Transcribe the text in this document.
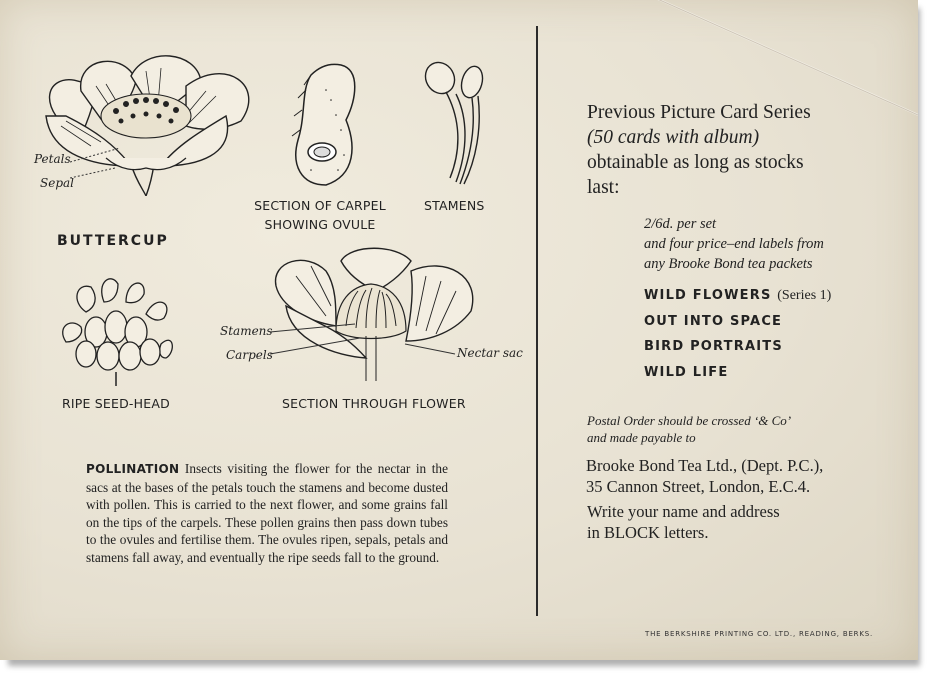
Petals
Sepal
BUTTERCUP
SECTION OF CARPEL
SHOWING OVULE
STAMENS
RIPE SEED-HEAD
Stamens
Carpels	Nectar sac
SECTION THROUGH FLOWER
POLLINATION Insects visiting the flower for the nectar in the sacs at the bases of the petals touch the stamens and become dusted with pollen. This is carried to the next flower, and some grains fall on the tips of the carpels. These pollen grains then pass down tubes to the ovules and fertilise them. The ovules ripen, sepals, petals and stamens fall away, and eventually the ripe seeds fall to the ground.
Previous Picture Card Series
(50 cards with album)
obtainable as long as stocks
last:
2/6d. per set
and four price–end labels from
any Brooke Bond tea packets
WILD FLOWERS (Series 1)
OUT INTO SPACE
BIRD PORTRAITS
WILD LIFE
Postal Order should be crossed ‘& Co’
and made payable to
Brooke Bond Tea Ltd., (Dept. P.C.),
35 Cannon Street, London, E.C.4.
Write your name and address
in BLOCK letters.
THE BERKSHIRE PRINTING CO. LTD., READING, BERKS.
